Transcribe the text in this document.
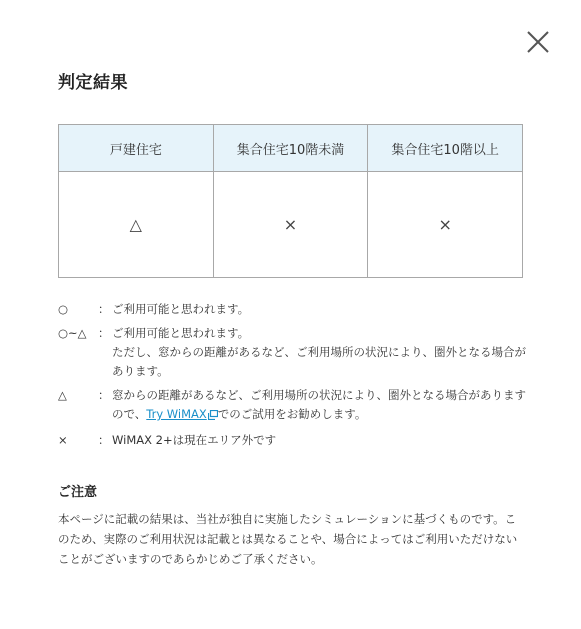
判定結果
戸建住宅	集合住宅10階未満	集合住宅10階以上
△	×	×
○	： ご利用可能と思われます。
○~△ ： ご利用可能と思われます。
ただし、窓からの距離があるなど、ご利用場所の状況により、圏外となる場合があります。
△	： 窓からの距離があるなど、ご利用場所の状況により、圏外となる場合がありますので、Try WiMAX でのご試用をお勧めします。
×	： WiMAX 2+は現在エリア外です
ご注意
本ページに記載の結果は、当社が独自に実施したシミュレーションに基づくものです。このため、実際のご利用状況は記載とは異なることや、場合によってはご利用いただけないことがございますのであらかじめご了承ください。
